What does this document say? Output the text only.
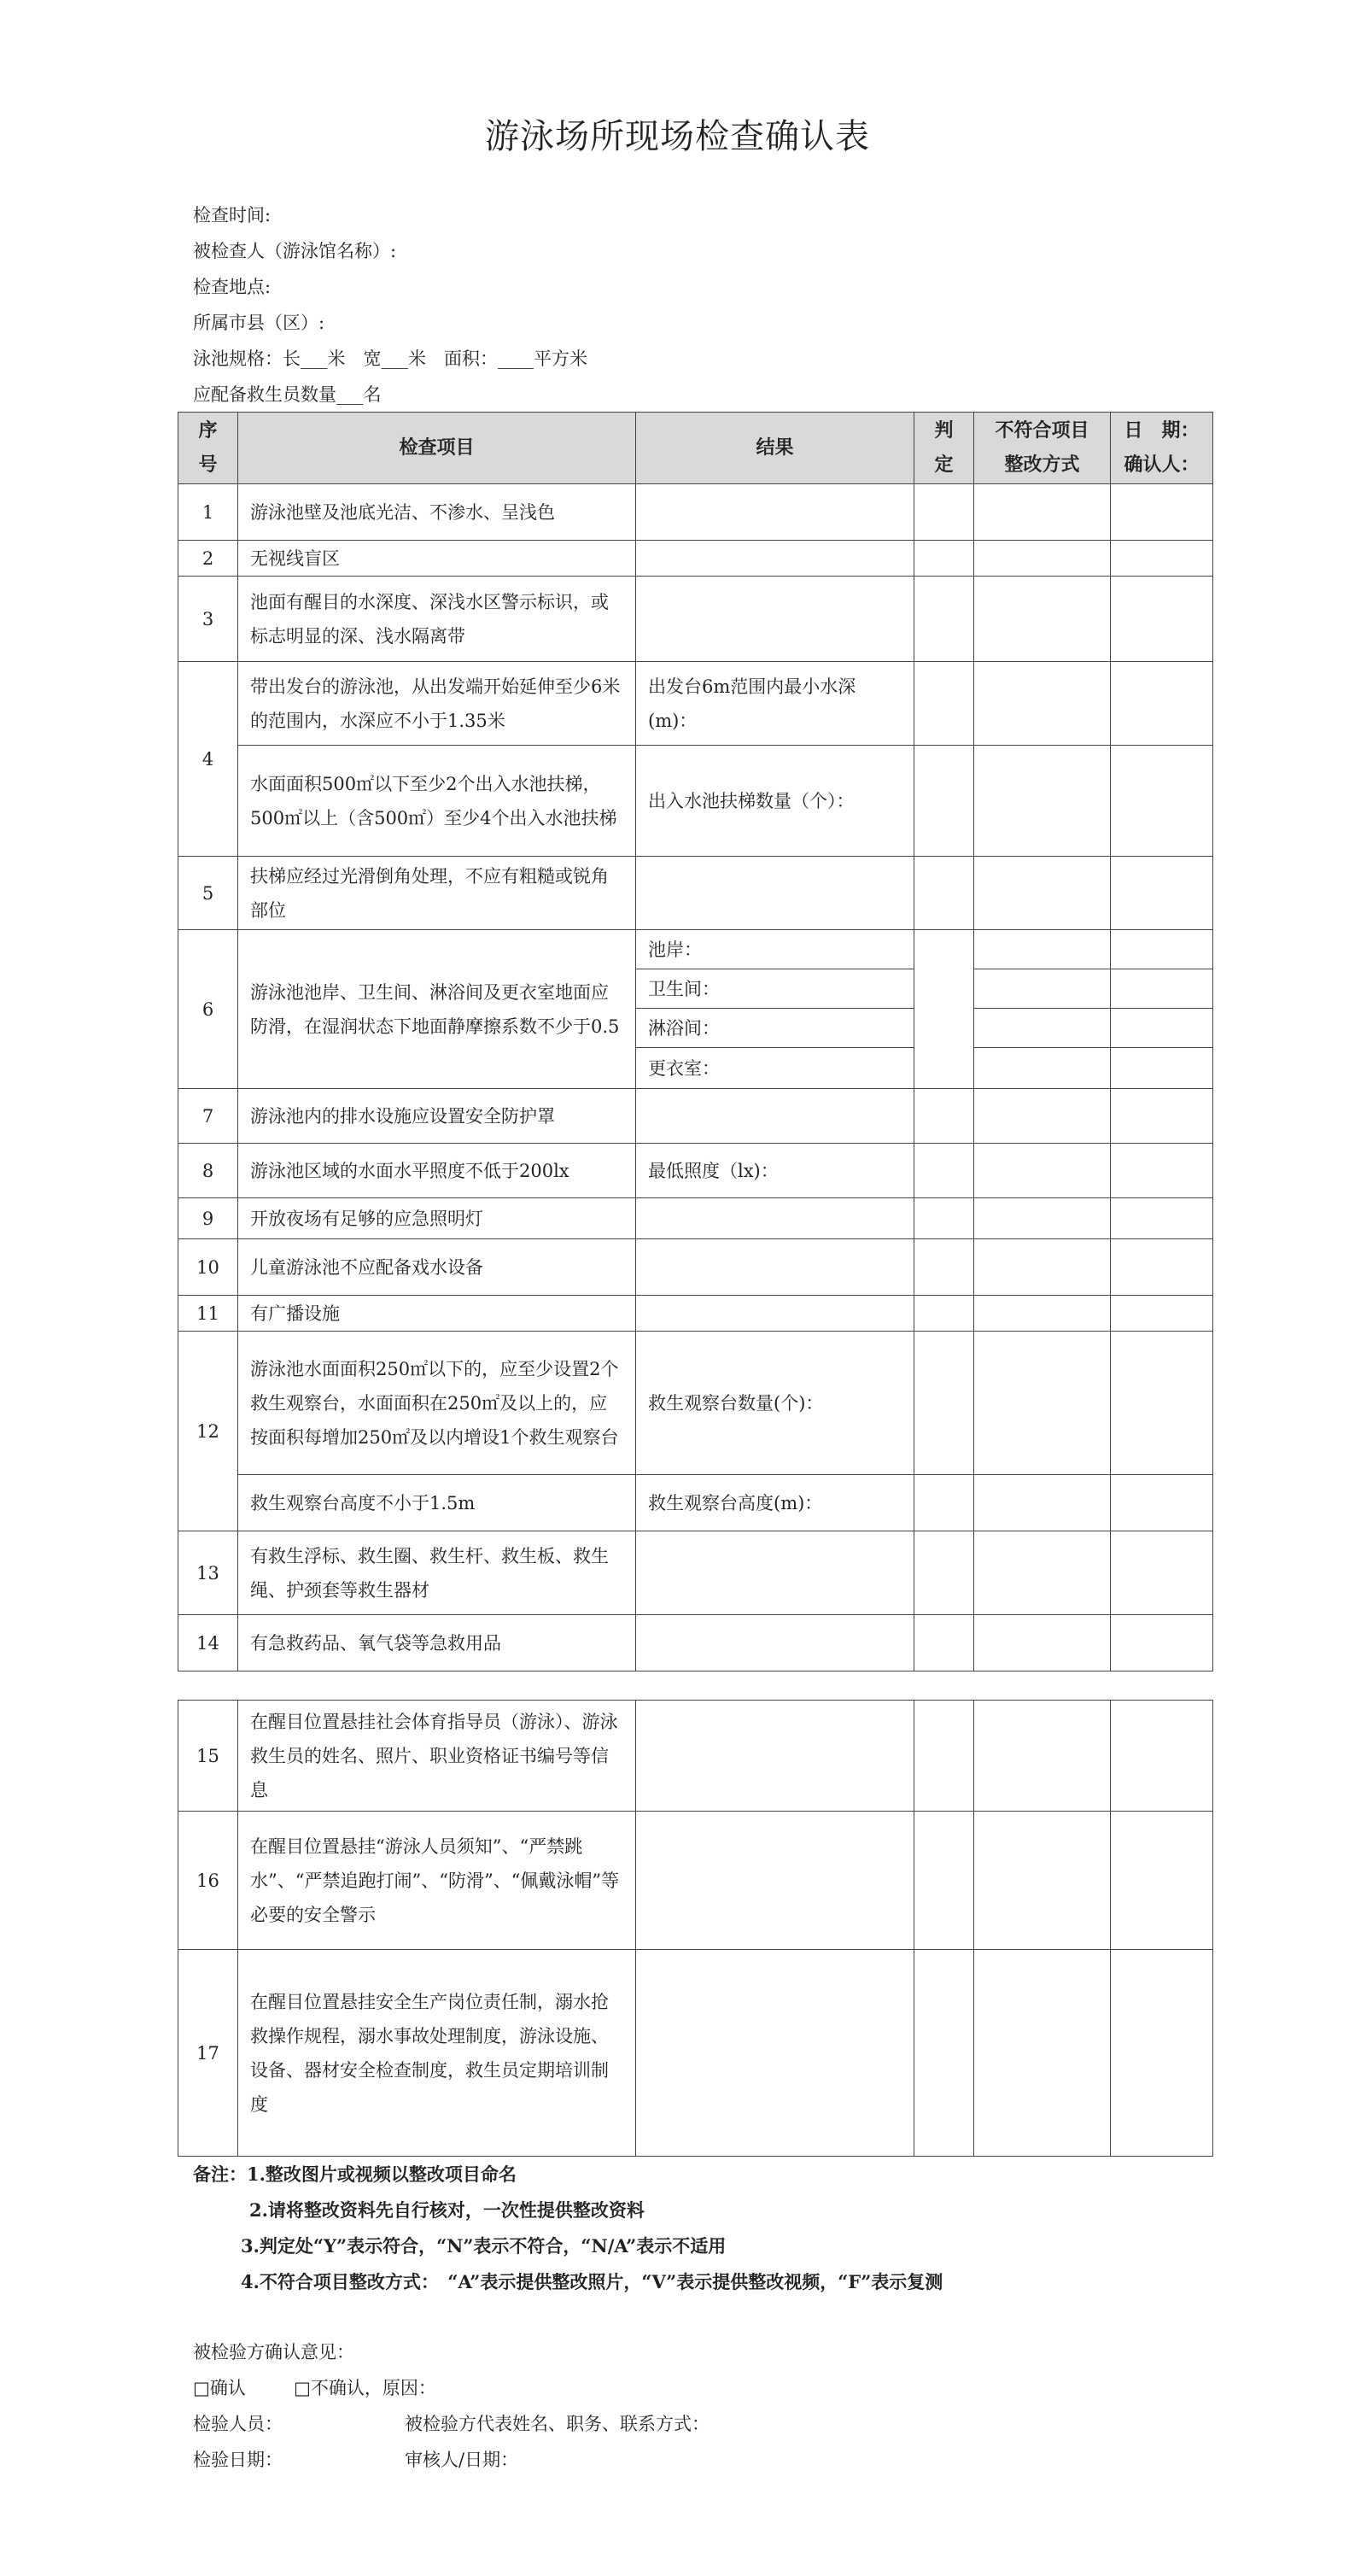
游泳场所现场检查确认表
检查时间:
被检查人（游泳馆名称）:
检查地点:
所属市县（区）:
泳池规格：长___米　宽___米　面积：____平方米
应配备救生员数量___名
序号	检查项目	结果	判定	不符合项目整改方式	日　期：确认人：
1	游泳池壁及池底光洁、不渗水、呈浅色				
2	无视线盲区				
3	池面有醒目的水深度、深浅水区警示标识，或标志明显的深、浅水隔离带				
4	带出发台的游泳池，从出发端开始延伸至少6米的范围内，水深应不小于1.35米	出发台6m范围内最小水深(m)：			
	水面面积500㎡以下至少2个出入水池扶梯，500㎡以上（含500㎡）至少4个出入水池扶梯	出入水池扶梯数量（个）：			
5	扶梯应经过光滑倒角处理，不应有粗糙或锐角部位				
6	游泳池池岸、卫生间、淋浴间及更衣室地面应防滑，在湿润状态下地面静摩擦系数不少于0.5	池岸：			
		卫生间：			
		淋浴间：			
		更衣室：			
7	游泳池内的排水设施应设置安全防护罩				
8	游泳池区域的水面水平照度不低于200lx	最低照度（lx)：			
9	开放夜场有足够的应急照明灯				
10	儿童游泳池不应配备戏水设备				
11	有广播设施				
12	游泳池水面面积250㎡以下的，应至少设置2个救生观察台，水面面积在250㎡及以上的，应按面积每增加250㎡及以内增设1个救生观察台	救生观察台数量(个)：			
	救生观察台高度不小于1.5m	救生观察台高度(m)：			
13	有救生浮标、救生圈、救生杆、救生板、救生绳、护颈套等救生器材				
14	有急救药品、氧气袋等急救用品				
15	在醒目位置悬挂社会体育指导员（游泳）、游泳救生员的姓名、照片、职业资格证书编号等信息				
16	在醒目位置悬挂“游泳人员须知”、“严禁跳水”、“严禁追跑打闹”、“防滑”、“佩戴泳帽”等必要的安全警示				
17	在醒目位置悬挂安全生产岗位责任制，溺水抢救操作规程，溺水事故处理制度，游泳设施、设备、器材安全检查制度，救生员定期培训制度				
备注：1.整改图片或视频以整改项目命名
2.请将整改资料先自行核对，一次性提供整改资料
3.判定处“Y”表示符合，“N”表示不符合，“N/A”表示不适用
4.不符合项目整改方式：　“A”表示提供整改照片，“V”表示提供整改视频，“F”表示复测
被检验方确认意见：
□确认	□不确认，原因：
检验人员：	被检验方代表姓名、职务、联系方式：
检验日期：	审核人/日期：
